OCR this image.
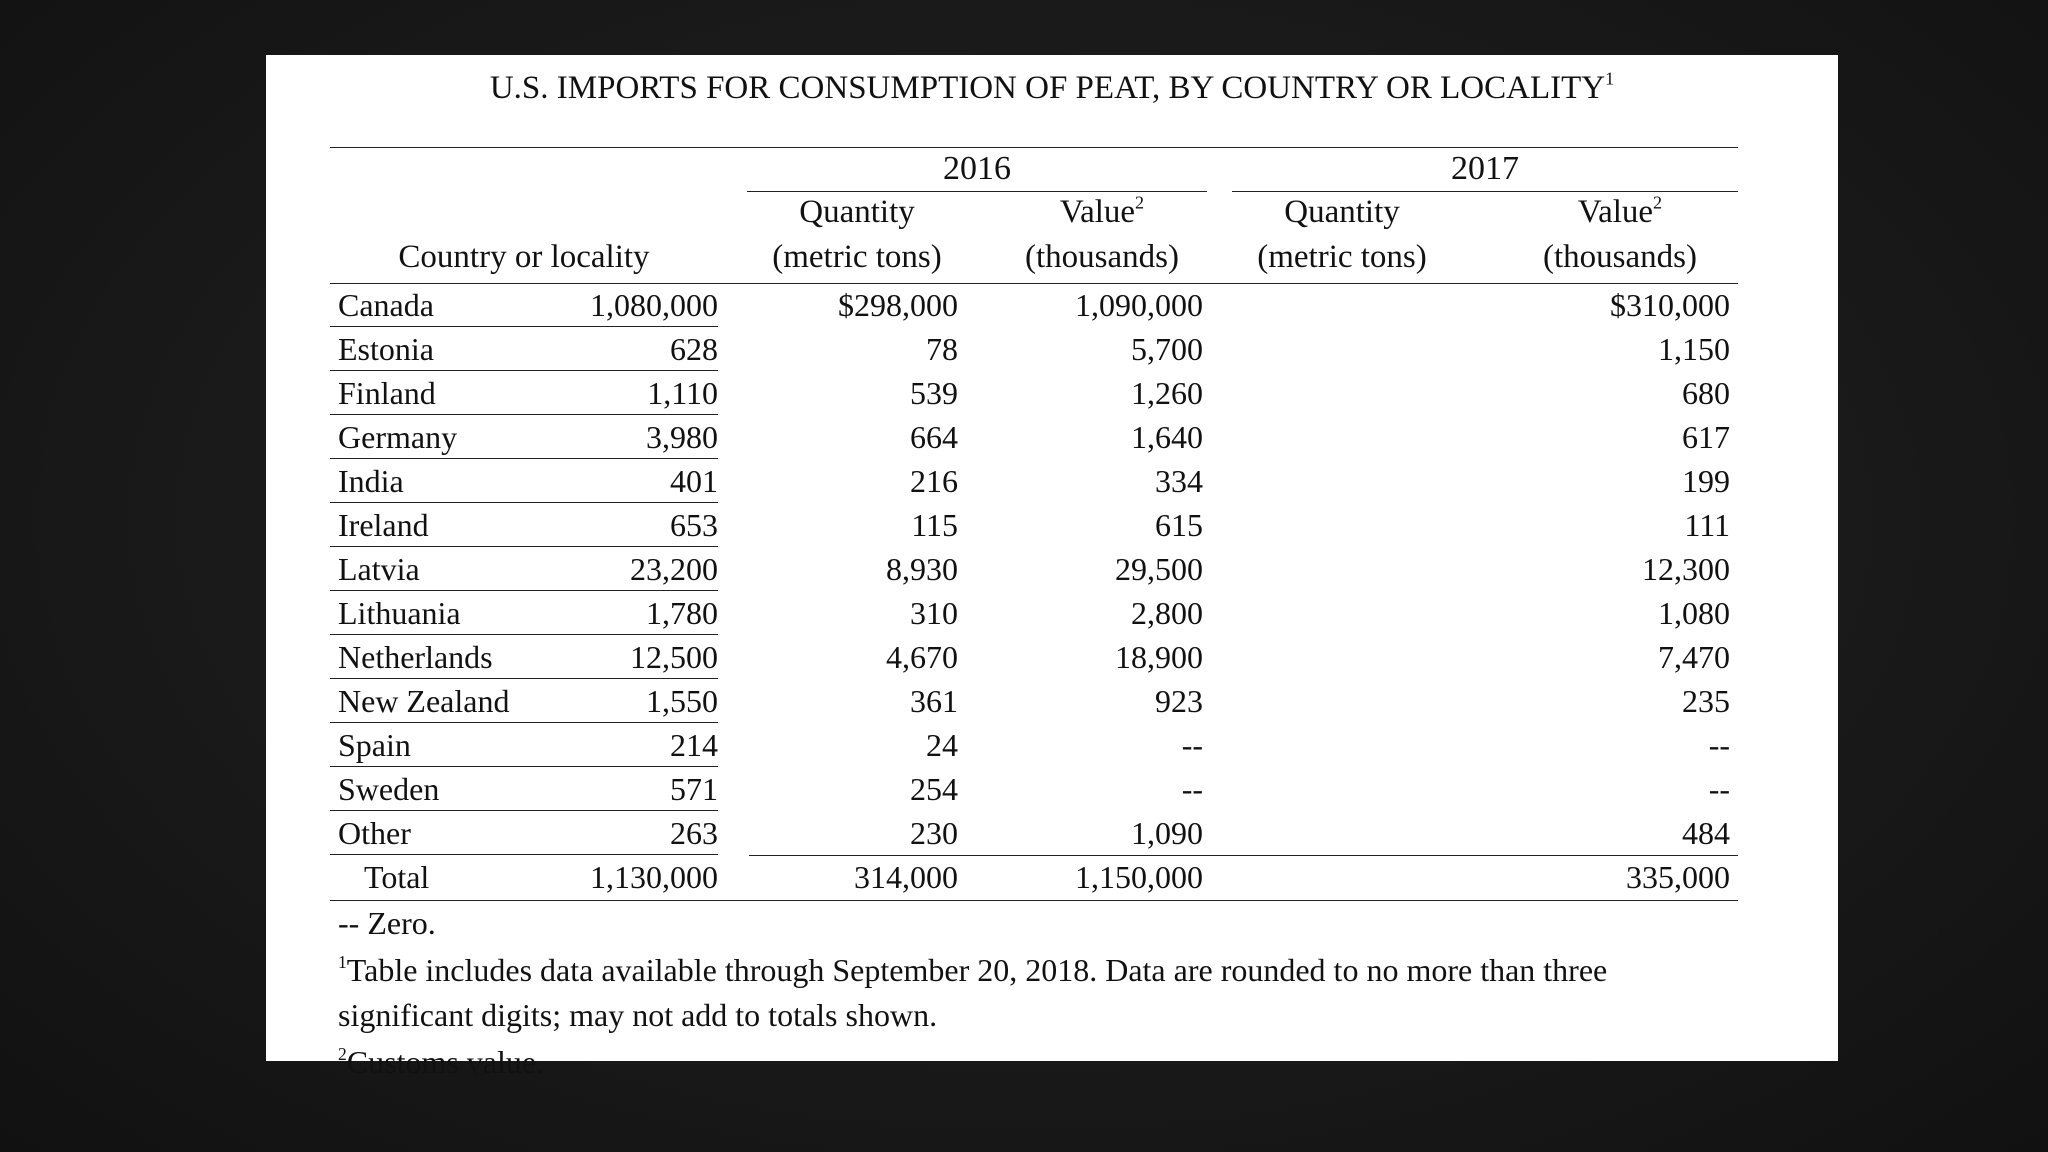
U.S. IMPORTS FOR CONSUMPTION OF PEAT, BY COUNTRY OR LOCALITY$^1$
2016	2017
Country or locality
Quantity
(metric tons)
Value$^2$
(thousands)
Quantity
(metric tons)
Value$^2$
(thousands)
Canada	1,080,000	$298,000	1,090,000	$310,000
Estonia	628	78	5,700	1,150
Finland	1,110	539	1,260	680
Germany	3,980	664	1,640	617
India	401	216	334	199
Ireland	653	115	615	111
Latvia	23,200	8,930	29,500	12,300
Lithuania	1,780	310	2,800	1,080
Netherlands	12,500	4,670	18,900	7,470
New Zealand	1,550	361	923	235
Spain	214	24	--	--
Sweden	571	254	--	--
Other	263	230	1,090	484
Total	1,130,000	314,000	1,150,000	335,000
-- Zero.
$^1$Table includes data available through September 20, 2018. Data are rounded to no more than three
significant digits; may not add to totals shown.
$^2$Customs value.
